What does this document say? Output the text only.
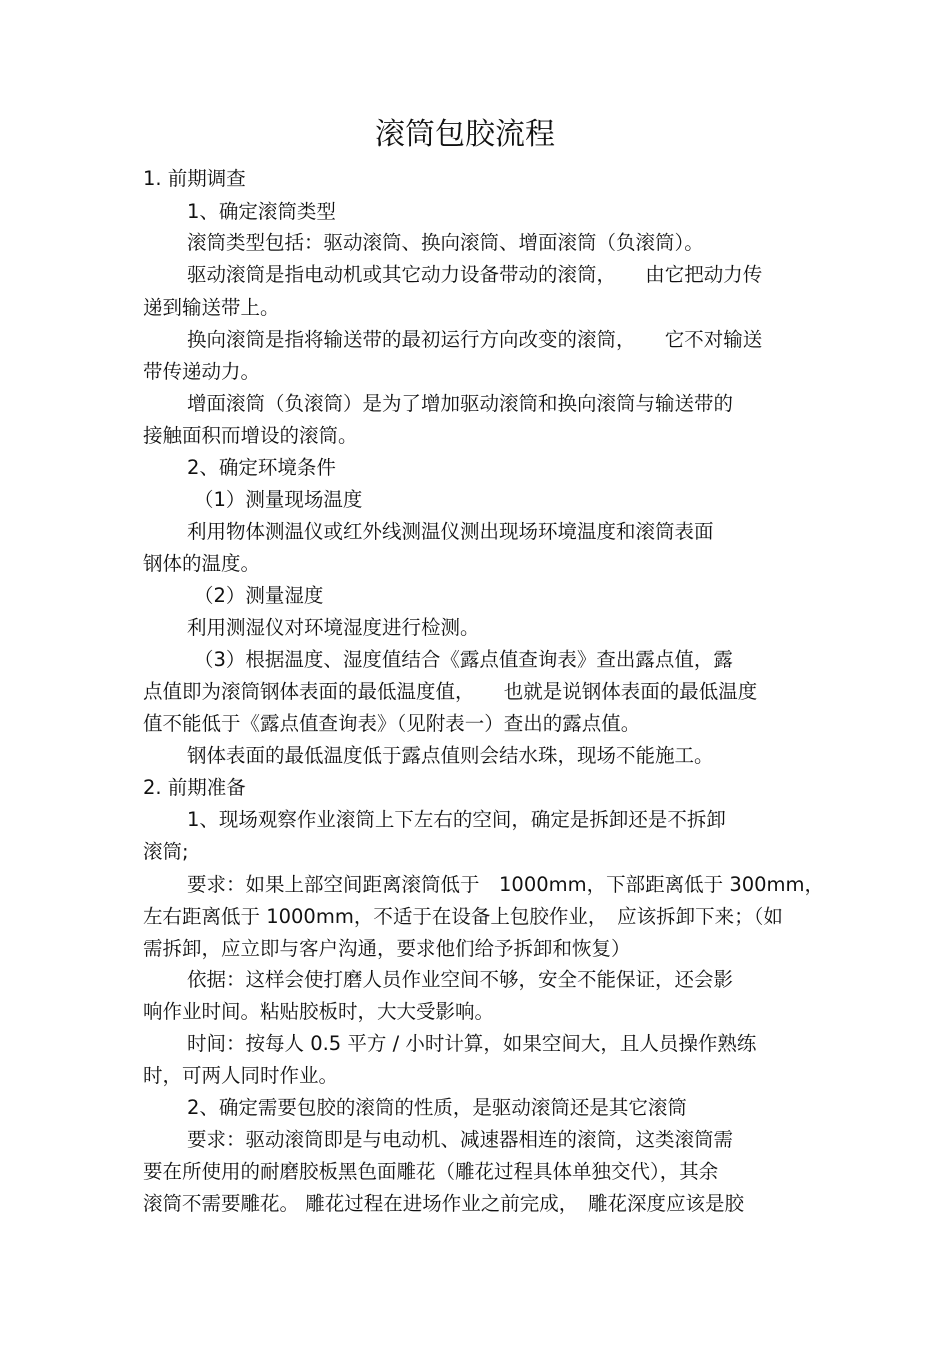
滚筒包胶流程

1. 前期调查

1、确定滚筒类型

滚筒类型包括：驱动滚筒、换向滚筒、增面滚筒（负滚筒）。

驱动滚筒是指电动机或其它动力设备带动的滚筒，　　由它把动力传

递到输送带上。

换向滚筒是指将输送带的最初运行方向改变的滚筒，　　它不对输送

带传递动力。

增面滚筒（负滚筒）是为了增加驱动滚筒和换向滚筒与输送带的

接触面积而增设的滚筒。

2、确定环境条件

（1）测量现场温度

利用物体测温仪或红外线测温仪测出现场环境温度和滚筒表面

钢体的温度。

（2）测量湿度

利用测湿仪对环境湿度进行检测。

（3）根据温度、湿度值结合《露点值查询表》查出露点值，露

点值即为滚筒钢体表面的最低温度值，　　也就是说钢体表面的最低温度

值不能低于《露点值查询表》（见附表一）查出的露点值。

钢体表面的最低温度低于露点值则会结水珠，现场不能施工。

2. 前期准备

1、现场观察作业滚筒上下左右的空间，确定是拆卸还是不拆卸

滚筒;

要求：如果上部空间距离滚筒低于　1000mm，下部距离低于 300mm，

左右距离低于 1000mm，不适于在设备上包胶作业，　应该拆卸下来；（如

需拆卸，应立即与客户沟通，要求他们给予拆卸和恢复）

依据：这样会使打磨人员作业空间不够，安全不能保证，还会影

响作业时间。粘贴胶板时，大大受影响。

时间：按每人 0.5 平方 / 小时计算，如果空间大，且人员操作熟练

时，可两人同时作业。

2、确定需要包胶的滚筒的性质，是驱动滚筒还是其它滚筒

要求：驱动滚筒即是与电动机、减速器相连的滚筒，这类滚筒需

要在所使用的耐磨胶板黑色面雕花（雕花过程具体单独交代），其余

滚筒不需要雕花。 雕花过程在进场作业之前完成，　雕花深度应该是胶
